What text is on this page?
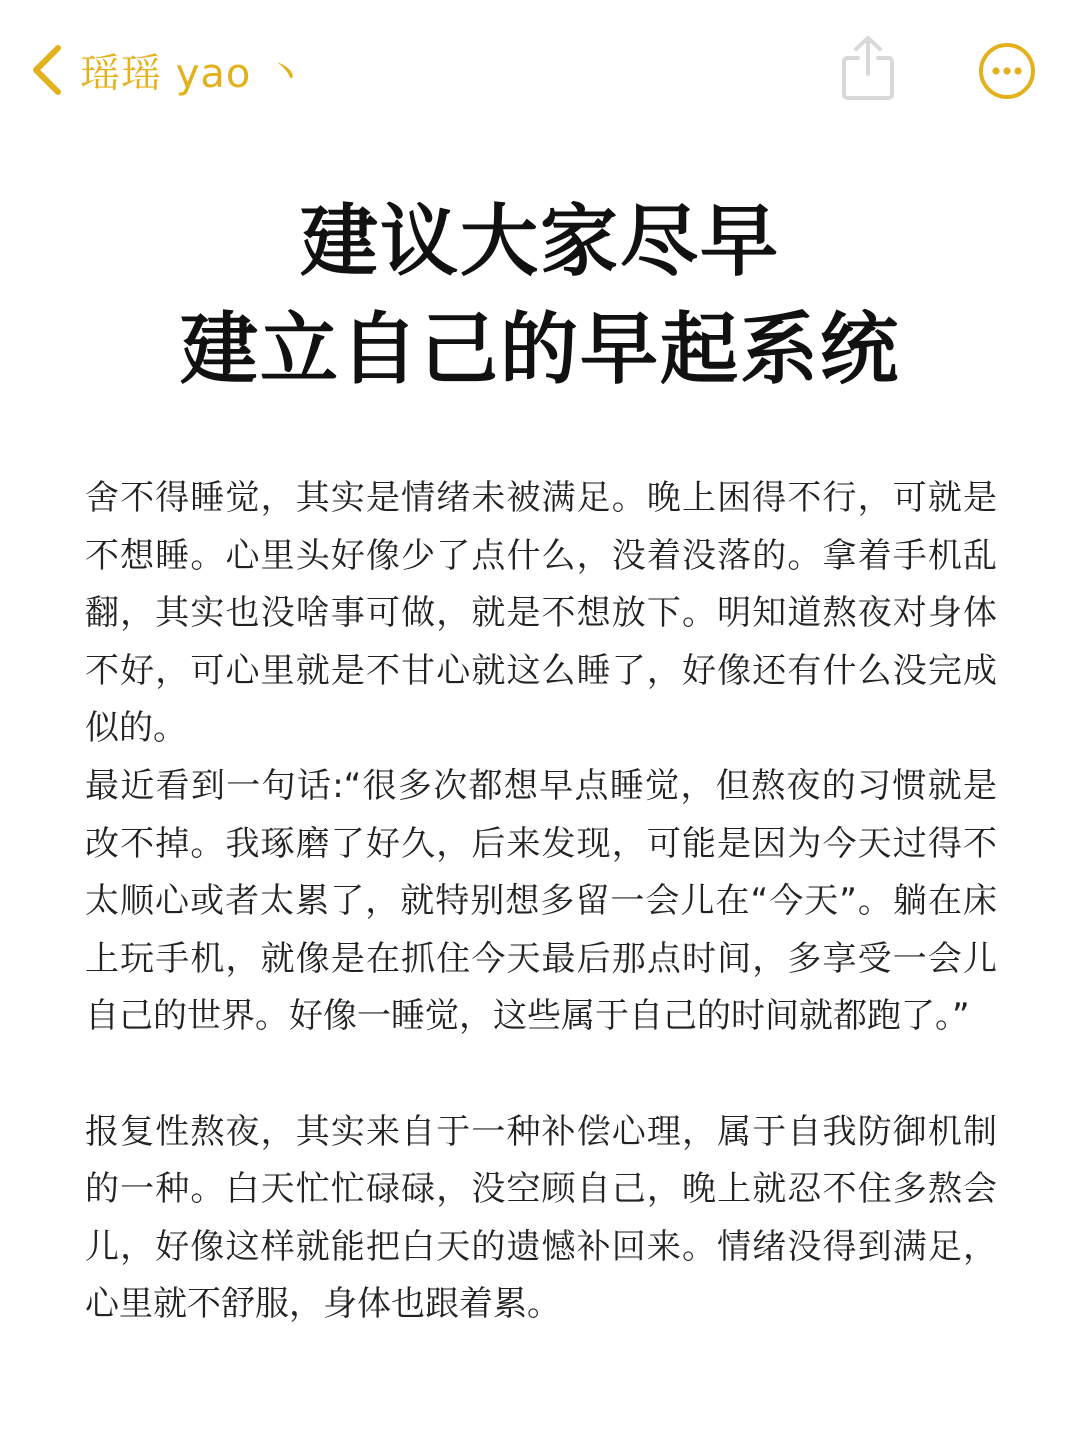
瑶瑶 yao 丶
建议大家尽早
建立自己的早起系统

舍不得睡觉，其实是情绪未被满足。晚上困得不行，可就是不想睡。心里头好像少了点什么，没着没落的。拿着手机乱翻，其实也没啥事可做，就是不想放下。明知道熬夜对身体不好，可心里就是不甘心就这么睡了，好像还有什么没完成似的。

最近看到一句话:“很多次都想早点睡觉，但熬夜的习惯就是改不掉。我琢磨了好久，后来发现，可能是因为今天过得不太顺心或者太累了，就特别想多留一会儿在“今天”。躺在床上玩手机，就像是在抓住今天最后那点时间，多享受一会儿自己的世界。好像一睡觉，这些属于自己的时间就都跑了。”

报复性熬夜，其实来自于一种补偿心理，属于自我防御机制的一种。白天忙忙碌碌，没空顾自己，晚上就忍不住多熬会儿，好像这样就能把白天的遗憾补回来。情绪没得到满足，心里就不舒服，身体也跟着累。
